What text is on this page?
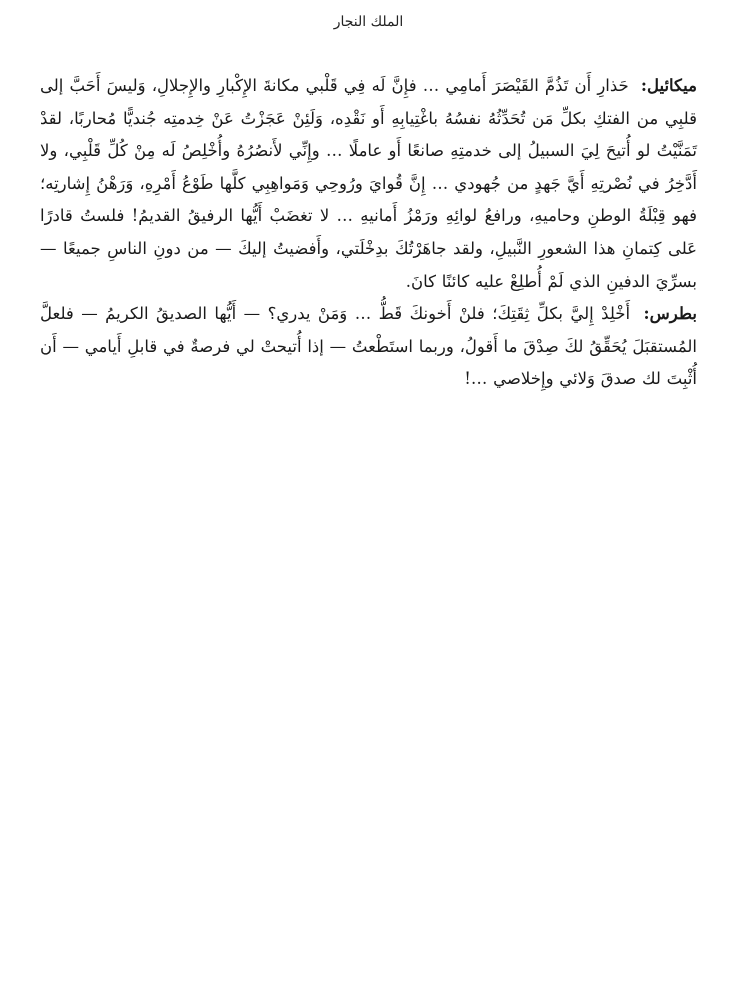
الملك النجار

ميكائيل: حَذارِ أَن تَذُمَّ القَيْصَرَ أَمامِي … فإِنَّ لَه فِي قَلْبي مكانةَ الإِكْبارِ والإِجلالِ، وَليسَ أَحَبَّ إلى قلبِي من الفتكِ بكلِّ مَن تُحَدِّثُهُ نفسُهُ باغْتِيابِهِ أَو نَقْدِه، وَلَئِنْ عَجَزْتُ عَنْ خِدمتِه جُنديًّا مُحاربًا، لقدْ تَمَنَّيْتُ لو أُتيحَ لِيَ السبيلُ إلى خدمتِهِ صانعًا أَو عاملًا … وإِنِّي لأَنصُرُهُ وأُخْلِصُ لَه مِنْ كُلِّ قَلْبِي، ولا أَدَّخِرُ في نُصْرتِهِ أَيَّ جَهدٍ من جُهودي … إِنَّ قُوايَ ورُوحِي وَمَواهِبِي كلَّها طَوْعُ أَمْرِهِ، وَرَهْنُ إِشارتِه؛ فهو قِبْلَةُ الوطنِ وحاميهِ، ورافعُ لوائِهِ ورَمْزُ أَمانيهِ … لا تغضَبْ أَيُّها الرفيقُ القديمُ! فلستُ قادرًا عَلى كِتمانِ هذا الشعورِ النَّبيلِ، ولقد جاهَرْتُكَ بدِخْلَتي، وأَفضيتُ إليكَ — من دونِ الناسِ جميعًا — بسرِّيَ الدفينِ الذي لَمْ أُطلِعْ عليه كائنًا كانَ.

بطرس: أَخْلِدْ إِليَّ بكلِّ ثِقَتِكَ؛ فلنْ أَخونكَ قَطُّ … وَمَنْ يدري؟ — أَيُّها الصديقُ الكريمُ — فلعلَّ المُستقبَلَ يُحَقِّقُ لكَ صِدْقَ ما أَقولُ، وربما استَطْعتُ — إذا أُتيحتْ لي فرصةٌ في قابلِ أَيامي — أَن أُثْبِتَ لك صدقَ وَلائي وإِخلاصي …!
